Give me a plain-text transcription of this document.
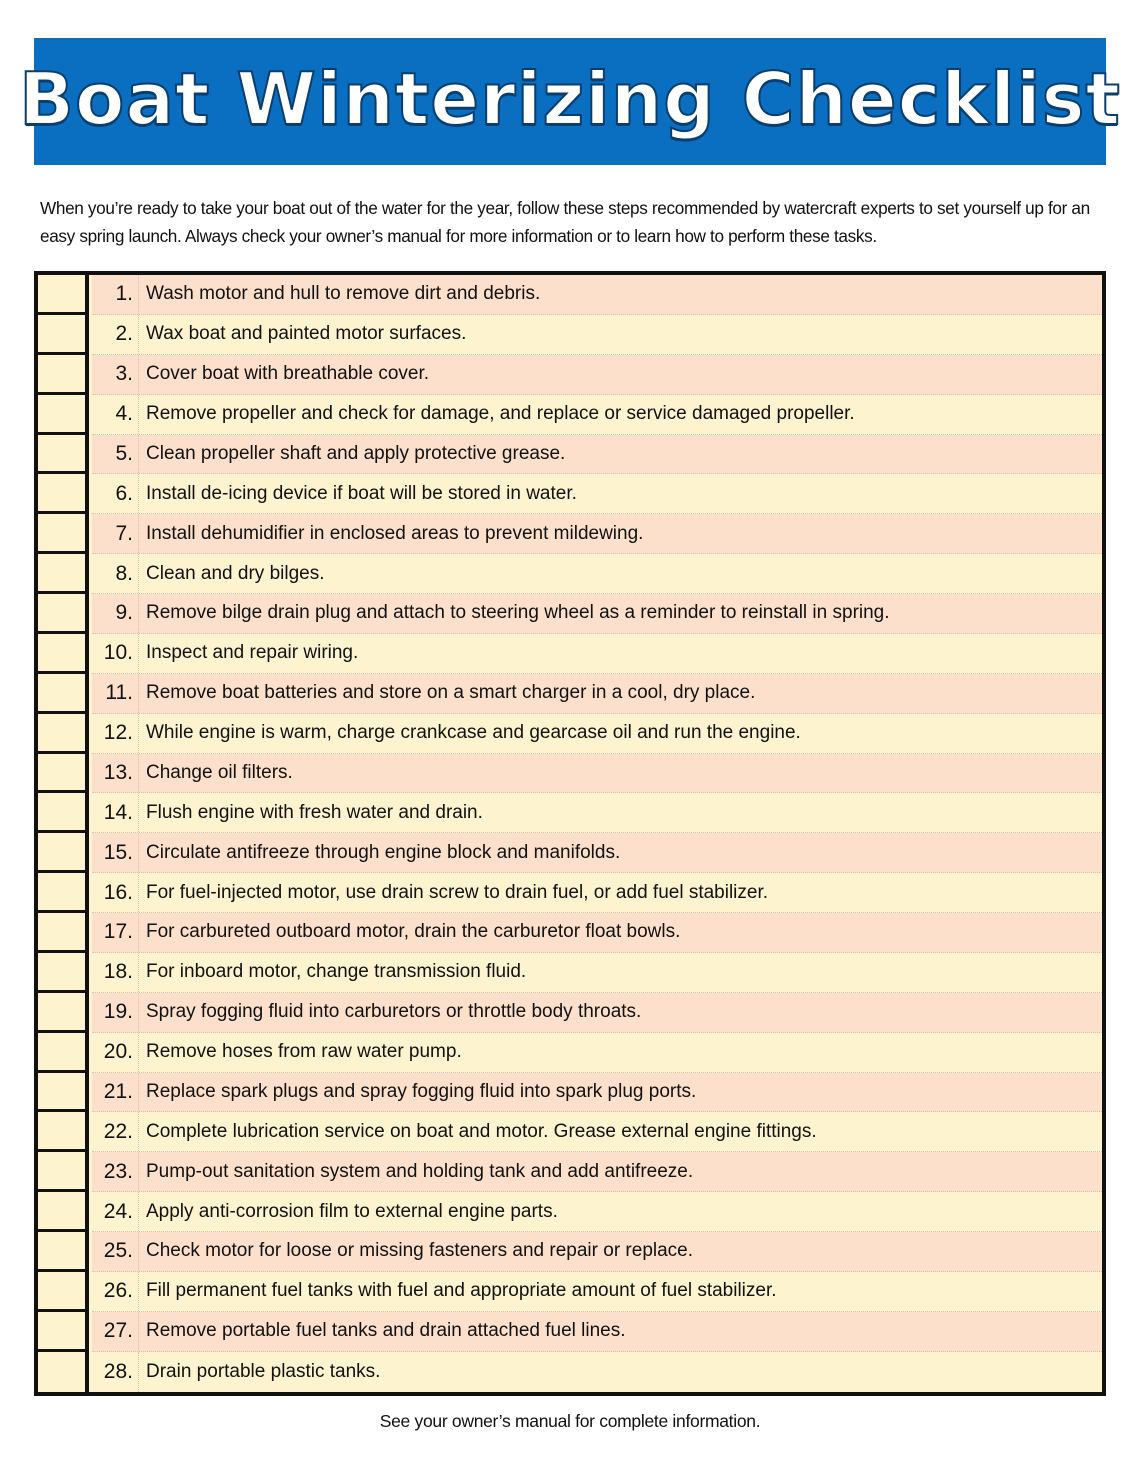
Boat Winterizing Checklist
When you’re ready to take your boat out of the water for the year, follow these steps recommended by watercraft experts to set yourself up for an easy spring launch. Always check your owner’s manual for more information or to learn how to perform these tasks.
1. Wash motor and hull to remove dirt and debris.
2. Wax boat and painted motor surfaces.
3. Cover boat with breathable cover.
4. Remove propeller and check for damage, and replace or service damaged propeller.
5. Clean propeller shaft and apply protective grease.
6. Install de-icing device if boat will be stored in water.
7. Install dehumidifier in enclosed areas to prevent mildewing.
8. Clean and dry bilges.
9. Remove bilge drain plug and attach to steering wheel as a reminder to reinstall in spring.
10. Inspect and repair wiring.
11. Remove boat batteries and store on a smart charger in a cool, dry place.
12. While engine is warm, charge crankcase and gearcase oil and run the engine.
13. Change oil filters.
14. Flush engine with fresh water and drain.
15. Circulate antifreeze through engine block and manifolds.
16. For fuel-injected motor, use drain screw to drain fuel, or add fuel stabilizer.
17. For carbureted outboard motor, drain the carburetor float bowls.
18. For inboard motor, change transmission fluid.
19. Spray fogging fluid into carburetors or throttle body throats.
20. Remove hoses from raw water pump.
21. Replace spark plugs and spray fogging fluid into spark plug ports.
22. Complete lubrication service on boat and motor. Grease external engine fittings.
23. Pump-out sanitation system and holding tank and add antifreeze.
24. Apply anti-corrosion film to external engine parts.
25. Check motor for loose or missing fasteners and repair or replace.
26. Fill permanent fuel tanks with fuel and appropriate amount of fuel stabilizer.
27. Remove portable fuel tanks and drain attached fuel lines.
28. Drain portable plastic tanks.
See your owner’s manual for complete information.
